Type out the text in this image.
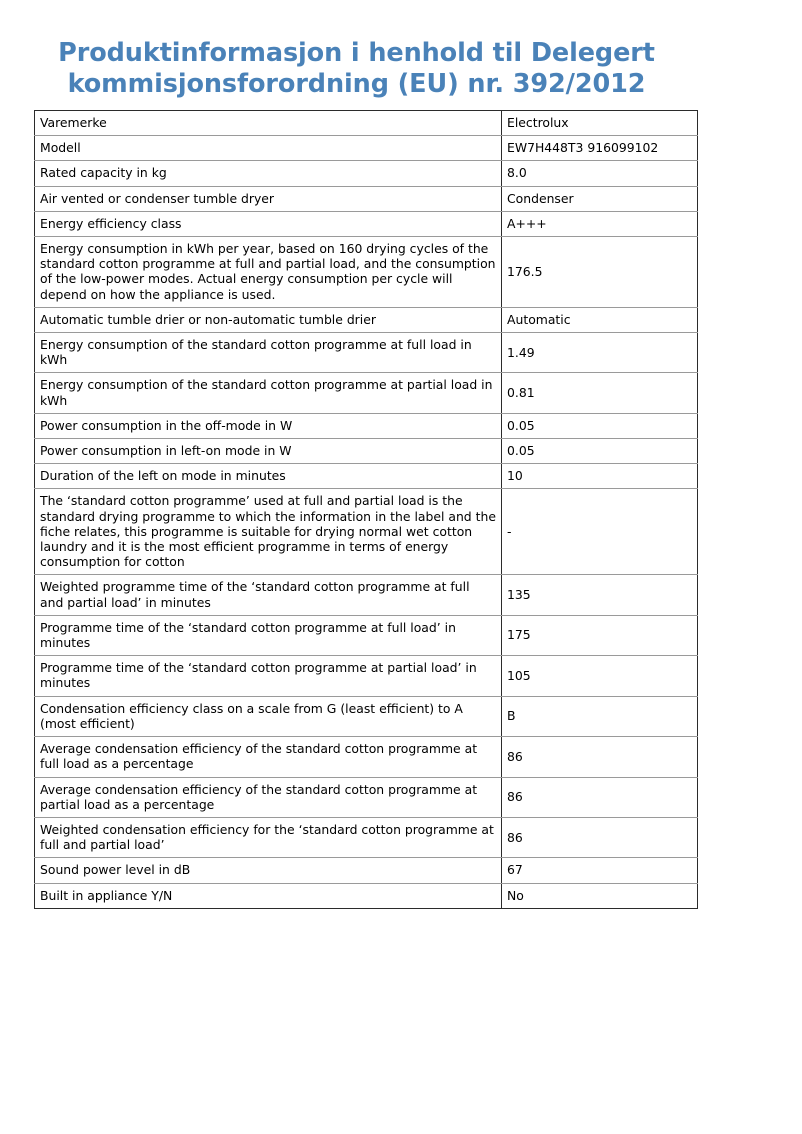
Produktinformasjon i henhold til Delegert kommisjonsforordning (EU) nr. 392/2012
Varemerke	Electrolux
Modell	EW7H448T3 916099102
Rated capacity in kg	8.0
Air vented or condenser tumble dryer	Condenser
Energy efficiency class	A+++
Energy consumption in kWh per year, based on 160 drying cycles of the standard cotton programme at full and partial load, and the consumption of the low-power modes. Actual energy consumption per cycle will depend on how the appliance is used.	176.5
Automatic tumble drier or non-automatic tumble drier	Automatic
Energy consumption of the standard cotton programme at full load in kWh	1.49
Energy consumption of the standard cotton programme at partial load in kWh	0.81
Power consumption in the off-mode in W	0.05
Power consumption in left-on mode in W	0.05
Duration of the left on mode in minutes	10
The ‘standard cotton programme’ used at full and partial load is the standard drying programme to which the information in the label and the fiche relates, this programme is suitable for drying normal wet cotton laundry and it is the most efficient programme in terms of energy consumption for cotton	-
Weighted programme time of the ‘standard cotton programme at full and partial load’ in minutes	135
Programme time of the ‘standard cotton programme at full load’ in minutes	175
Programme time of the ‘standard cotton programme at partial load’ in minutes	105
Condensation efficiency class on a scale from G (least efficient) to A (most efficient)	B
Average condensation efficiency of the standard cotton programme at full load as a percentage	86
Average condensation efficiency of the standard cotton programme at partial load as a percentage	86
Weighted condensation efficiency for the ‘standard cotton programme at full and partial load’	86
Sound power level in dB	67
Built in appliance Y/N	No
